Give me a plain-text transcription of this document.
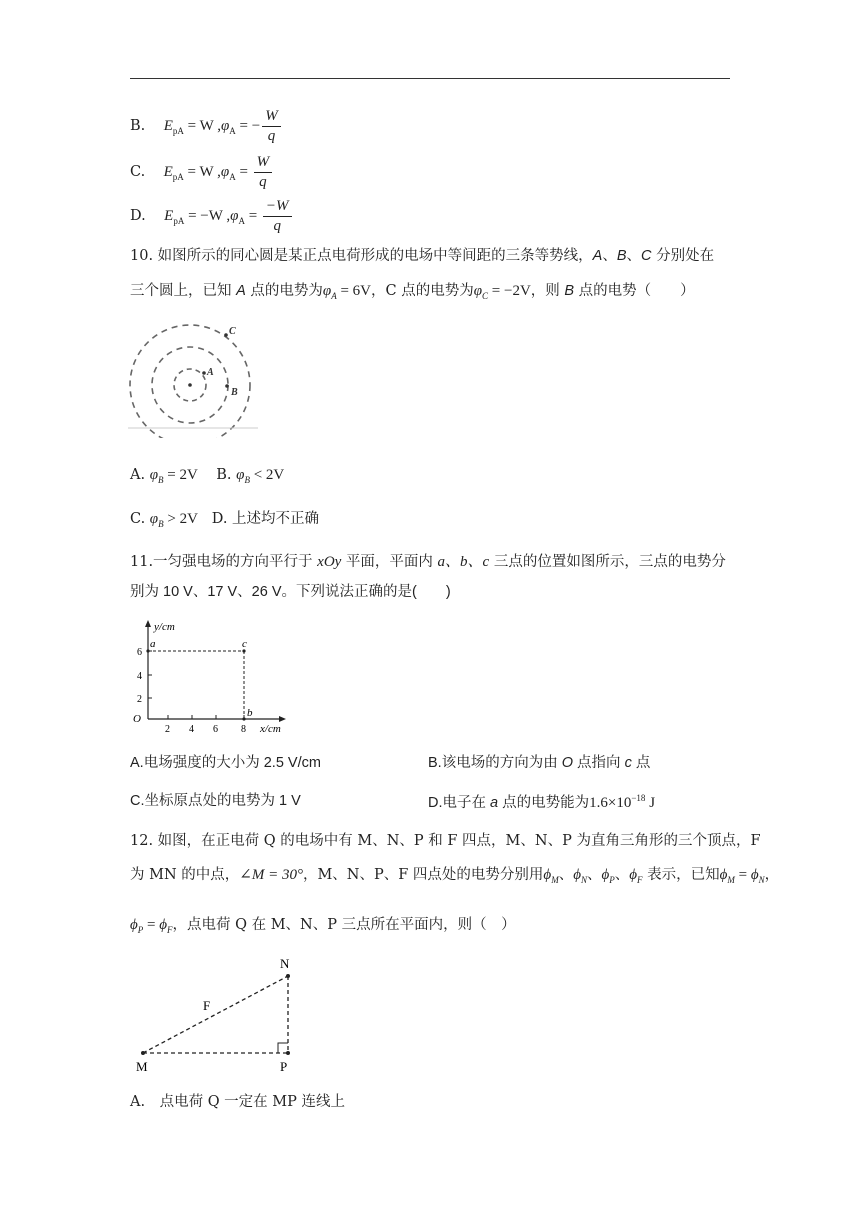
B. $E_{pA} = W$ $,\varphi_A$ = − $\frac{W}{q}$
C. $E_{pA} = W$ $,\varphi_A = \frac{W}{q}$
D. $E_{pA} = -W$ $,\varphi_A = \frac{-W}{q}$
10. 如图所示的同心圆是某正点电荷形成的电场中等间距的三条等势线，A、B、C 分别处在
三个圆上，已知 A 点的电势为$\varphi_A = 6V$，C 点的电势为$\varphi_C = -2V$，则 B 点的电势（　　）
A
B
C
A. $\varphi_B = 2V$ B. $\varphi_B < 2V$
C. $\varphi_B > 2V$ D. 上述均不正确
11.一匀强电场的方向平行于 xOy 平面，平面内 a、b、c 三点的位置如图所示，三点的电势分
别为 10 V、17 V、26 V。下列说法正确的是(　　)
y/cm
x/cm
O
2
4
6
2 4 6 8
a	c
b
A.电场强度的大小为 2.5 V/cm	B.该电场的方向为由 O 点指向 c 点
C.坐标原点处的电势为 1 V	D.电子在 a 点的电势能为$1.6\times 10^{-18}$ J
12. 如图，在正电荷 Q 的电场中有 M、N、P 和 F 四点，M、N、P 为直角三角形的三个顶点，F
为 MN 的中点，∠M = 30°，M、N、P、F 四点处的电势分别用$\phi_M$、$\phi_N$、$\phi_P$、$\phi_F$ 表示，已知$\phi_M = \phi_N$，
$\phi_P = \phi_F$，点电荷 Q 在 M、N、P 三点所在平面内，则（　）
M
N
P
F
A.　点电荷 Q 一定在 MP 连线上
